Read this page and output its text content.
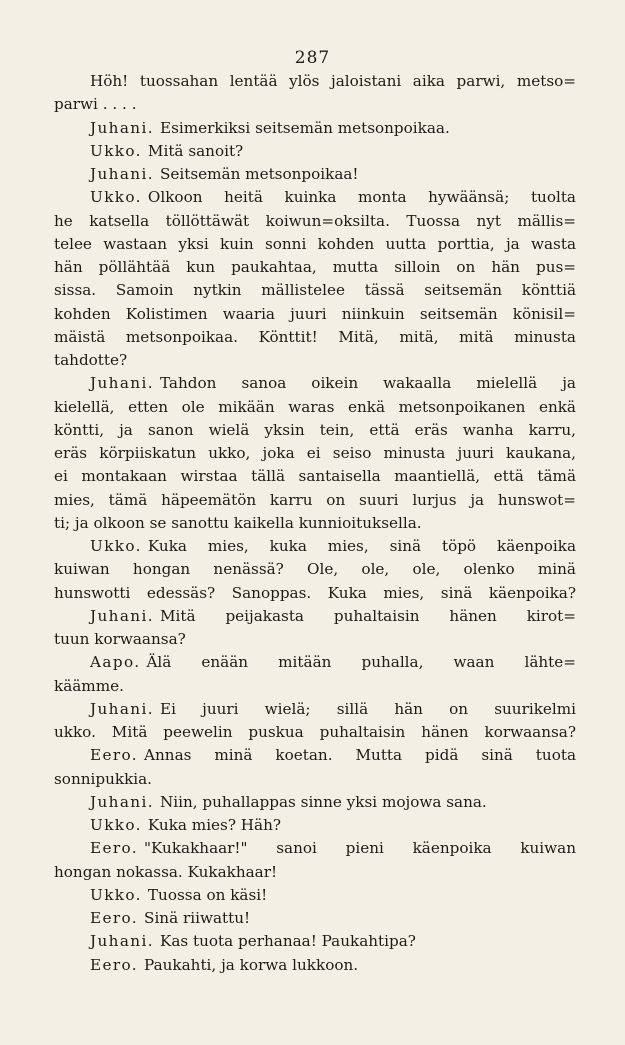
287
Höh! tuossahan lentää ylös jaloistani aika parwi, metso=
parwi . . . .
Juhani. Esimerkiksi seitsemän metsonpoikaa.
Ukko. Mitä sanoit?
Juhani. Seitsemän metsonpoikaa!
Ukko. Olkoon heitä kuinka monta hywäänsä; tuolta
he katsella töllöttäwät koiwun=oksilta. Tuossa nyt mällis=
telee wastaan yksi kuin sonni kohden uutta porttia, ja wasta
hän pöllähtää kun paukahtaa, mutta silloin on hän pus=
sissa. Samoin nytkin mällistelee tässä seitsemän könttiä
kohden Kolistimen waaria juuri niinkuin seitsemän könisil=
mäistä metsonpoikaa. Könttit! Mitä, mitä, mitä minusta
tahdotte?
Juhani. Tahdon sanoa oikein wakaalla mielellä ja
kielellä, etten ole mikään waras enkä metsonpoikanen enkä
köntti, ja sanon wielä yksin tein, että eräs wanha karru,
eräs körpiiskatun ukko, joka ei seiso minusta juuri kaukana,
ei montakaan wirstaa tällä santaisella maantiellä, että tämä
mies, tämä häpeemätön karru on suuri lurjus ja hunswot=
ti; ja olkoon se sanottu kaikella kunnioituksella.
Ukko. Kuka mies, kuka mies, sinä töpö käenpoika
kuiwan hongan nenässä? Ole, ole, ole, olenko minä
hunswotti edessäs? Sanoppas. Kuka mies, sinä käenpoika?
Juhani. Mitä peijakasta puhaltaisin hänen kirot=
tuun korwaansa?
Aapo. Älä enään mitään puhalla, waan lähte=
käämme.
Juhani. Ei juuri wielä; sillä hän on suurikelmi
ukko. Mitä peewelin puskua puhaltaisin hänen korwaansa?
Eero. Annas minä koetan. Mutta pidä sinä tuota
sonnipukkia.
Juhani. Niin, puhallappas sinne yksi mojowa sana.
Ukko. Kuka mies? Häh?
Eero. "Kukakhaar!" sanoi pieni käenpoika kuiwan
hongan nokassa. Kukakhaar!
Ukko. Tuossa on käsi!
Eero. Sinä riiwattu!
Juhani. Kas tuota perhanaa! Paukahtipa?
Eero. Paukahti, ja korwa lukkoon.
